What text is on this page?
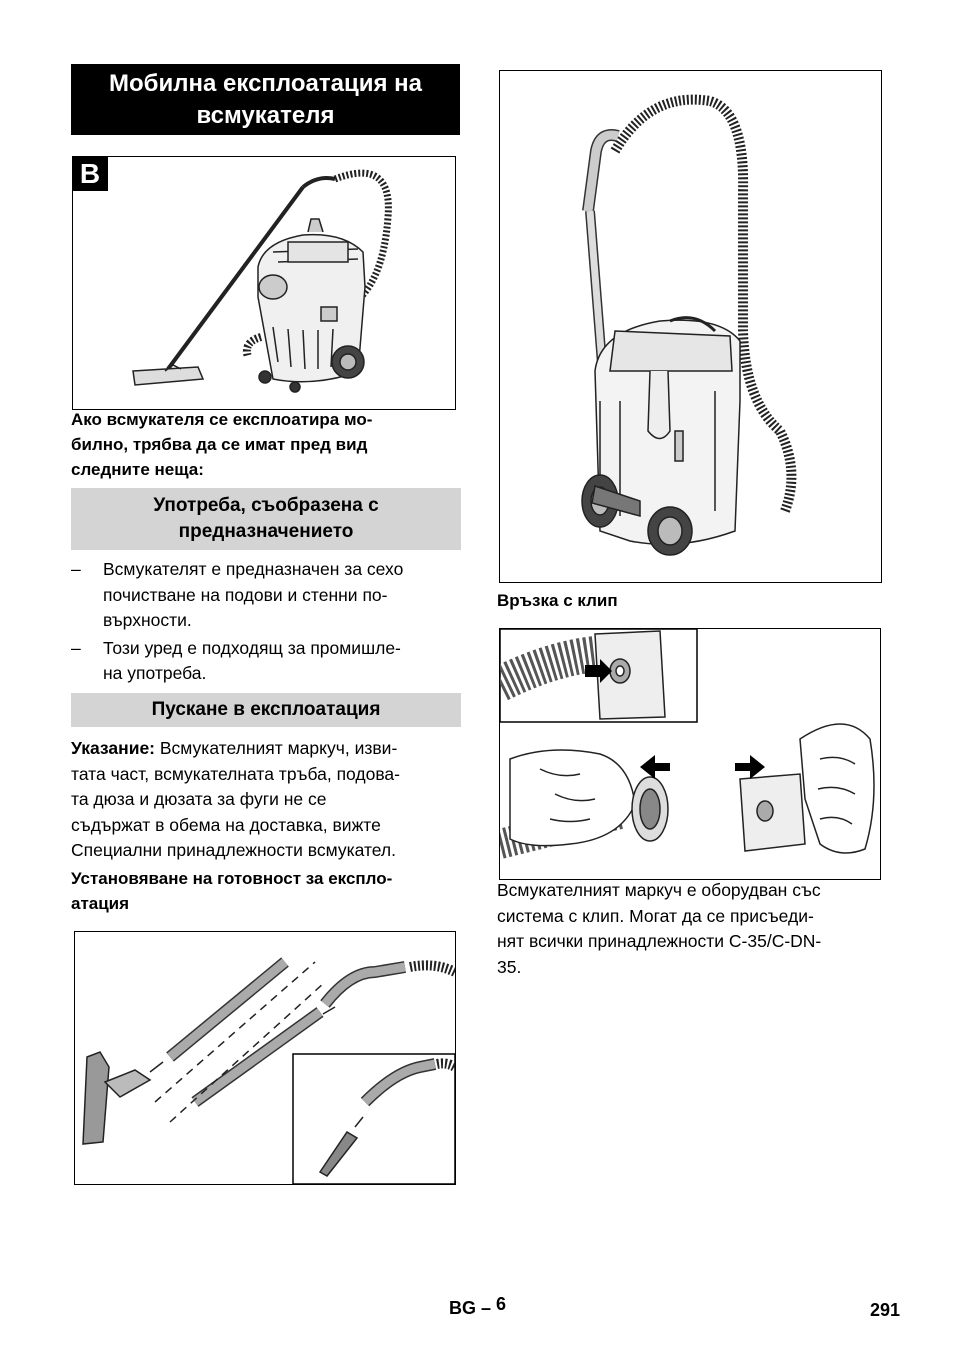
Мобилна експлоатация на
всмукателя
B
Ако всмукателя се експлоатира мо-
билно, трябва да се имат пред вид
следните неща:
Употреба, съобразена с
предназначението
–	Всмукателят е предназначен за сехо
почистване на подови и стенни по-
върхности.
–	Този уред е подходящ за промишле-
на употреба.
Пускане в експлоатация
Указание: Всмукателният маркуч, изви-
тата част, всмукателната тръба, подова-
та дюза и дюзата за фуги не се
съдържат в обема на доставка, вижте
Специални принадлежности всмукател.
Установяване на готовност за експло-
атация
Връзка с клип
Всмукателният маркуч е оборудван със
система с клип. Могат да се присъеди-
нят всички принадлежности C-35/C-DN-
35.
BG – 6	291
